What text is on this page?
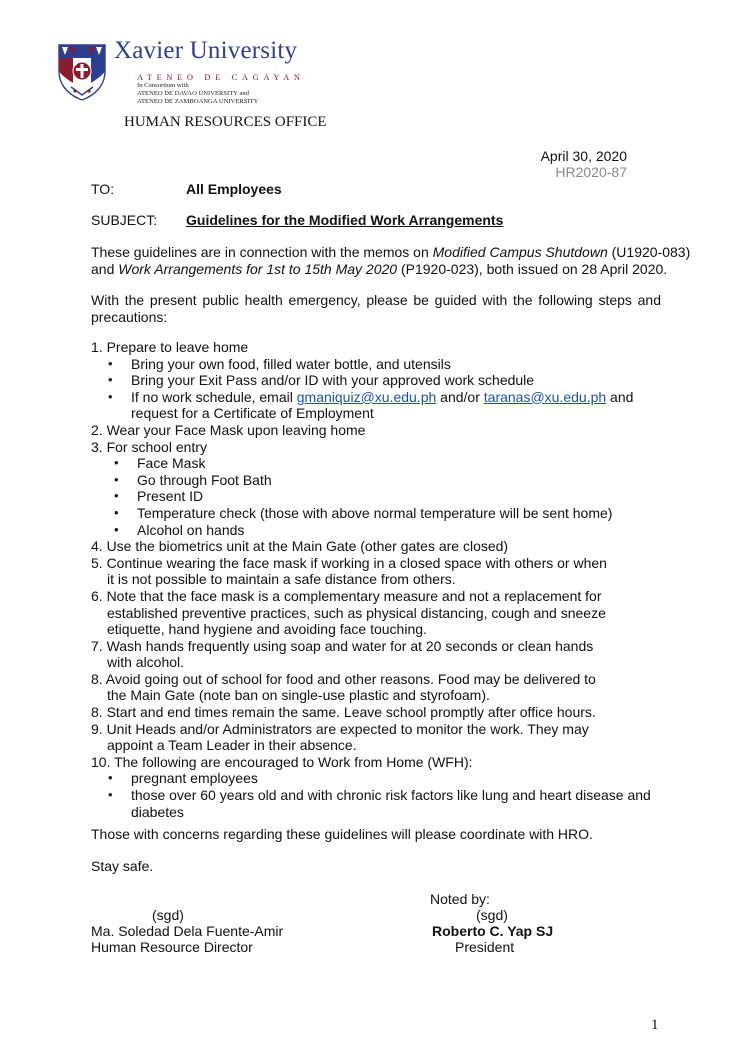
Xavier University
ATENEO DE CAGAYAN
In Consortium with
ATENEO DE DAVAO UNIVERSITY and
ATENEO DE ZAMBOANGA UNIVERSITY
HUMAN RESOURCES OFFICE
April 30, 2020
HR2020-87
TO:	All Employees
SUBJECT: Guidelines for the Modified Work Arrangements
These guidelines are in connection with the memos on Modified Campus Shutdown (U1920-083)
and Work Arrangements for 1st to 15th May 2020 (P1920-023), both issued on 28 April 2020.
With the present public health emergency, please be guided with the following steps and
precautions:
1. Prepare to leave home
• Bring your own food, filled water bottle, and utensils
• Bring your Exit Pass and/or ID with your approved work schedule
• If no work schedule, email gmaniquiz@xu.edu.ph and/or taranas@xu.edu.ph and
request for a Certificate of Employment
2. Wear your Face Mask upon leaving home
3. For school entry
• Face Mask
• Go through Foot Bath
• Present ID
• Temperature check (those with above normal temperature will be sent home)
• Alcohol on hands
4. Use the biometrics unit at the Main Gate (other gates are closed)
5. Continue wearing the face mask if working in a closed space with others or when
it is not possible to maintain a safe distance from others.
6. Note that the face mask is a complementary measure and not a replacement for
established preventive practices, such as physical distancing, cough and sneeze
etiquette, hand hygiene and avoiding face touching.
7. Wash hands frequently using soap and water for at 20 seconds or clean hands
with alcohol.
8. Avoid going out of school for food and other reasons. Food may be delivered to
the Main Gate (note ban on single-use plastic and styrofoam).
8. Start and end times remain the same. Leave school promptly after office hours.
9. Unit Heads and/or Administrators are expected to monitor the work. They may
appoint a Team Leader in their absence.
10. The following are encouraged to Work from Home (WFH):
• pregnant employees
• those over 60 years old and with chronic risk factors like lung and heart disease and
diabetes
Those with concerns regarding these guidelines will please coordinate with HRO.
Stay safe.
Noted by:
(sgd)	(sgd)
Ma. Soledad Dela Fuente-Amir	Roberto C. Yap SJ
Human Resource Director	President
1
